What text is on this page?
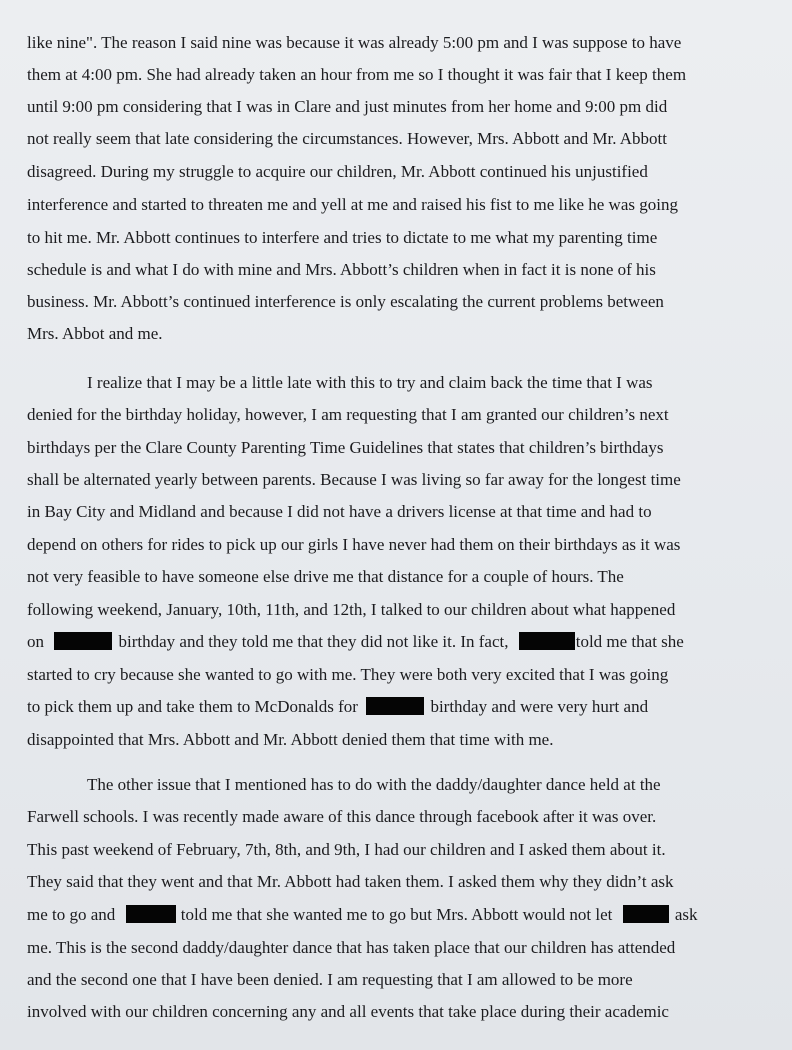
like nine". The reason I said nine was because it was already 5:00 pm and I was suppose to have
them at 4:00 pm. She had already taken an hour from me so I thought it was fair that I keep them
until 9:00 pm considering that I was in Clare and just minutes from her home and 9:00 pm did
not really seem that late considering the circumstances. However, Mrs. Abbott and Mr. Abbott
disagreed. During my struggle to acquire our children, Mr. Abbott continued his unjustified
interference and started to threaten me and yell at me and raised his fist to me like he was going
to hit me. Mr. Abbott continues to interfere and tries to dictate to me what my parenting time
schedule is and what I do with mine and Mrs. Abbott’s children when in fact it is none of his
business. Mr. Abbott’s continued interference is only escalating the current problems between
Mrs. Abbot and me.
I realize that I may be a little late with this to try and claim back the time that I was
denied for the birthday holiday, however, I am requesting that I am granted our children’s next
birthdays per the Clare County Parenting Time Guidelines that states that children’s birthdays
shall be alternated yearly between parents. Because I was living so far away for the longest time
in Bay City and Midland and because I did not have a drivers license at that time and had to
depend on others for rides to pick up our girls I have never had them on their birthdays as it was
not very feasible to have someone else drive me that distance for a couple of hours. The
following weekend, January, 10th, 11th, and 12th, I talked to our children about what happened
on	birthday and they told me that they did not like it. In fact,	told me that she
started to cry because she wanted to go with me. They were both very excited that I was going
to pick them up and take them to McDonalds for	birthday and were very hurt and
disappointed that Mrs. Abbott and Mr. Abbott denied them that time with me.
The other issue that I mentioned has to do with the daddy/daughter dance held at the
Farwell schools. I was recently made aware of this dance through facebook after it was over.
This past weekend of February, 7th, 8th, and 9th, I had our children and I asked them about it.
They said that they went and that Mr. Abbott had taken them. I asked them why they didn’t ask
me to go and	told me that she wanted me to go but Mrs. Abbott would not let	ask
me. This is the second daddy/daughter dance that has taken place that our children has attended
and the second one that I have been denied. I am requesting that I am allowed to be more
involved with our children concerning any and all events that take place during their academic
